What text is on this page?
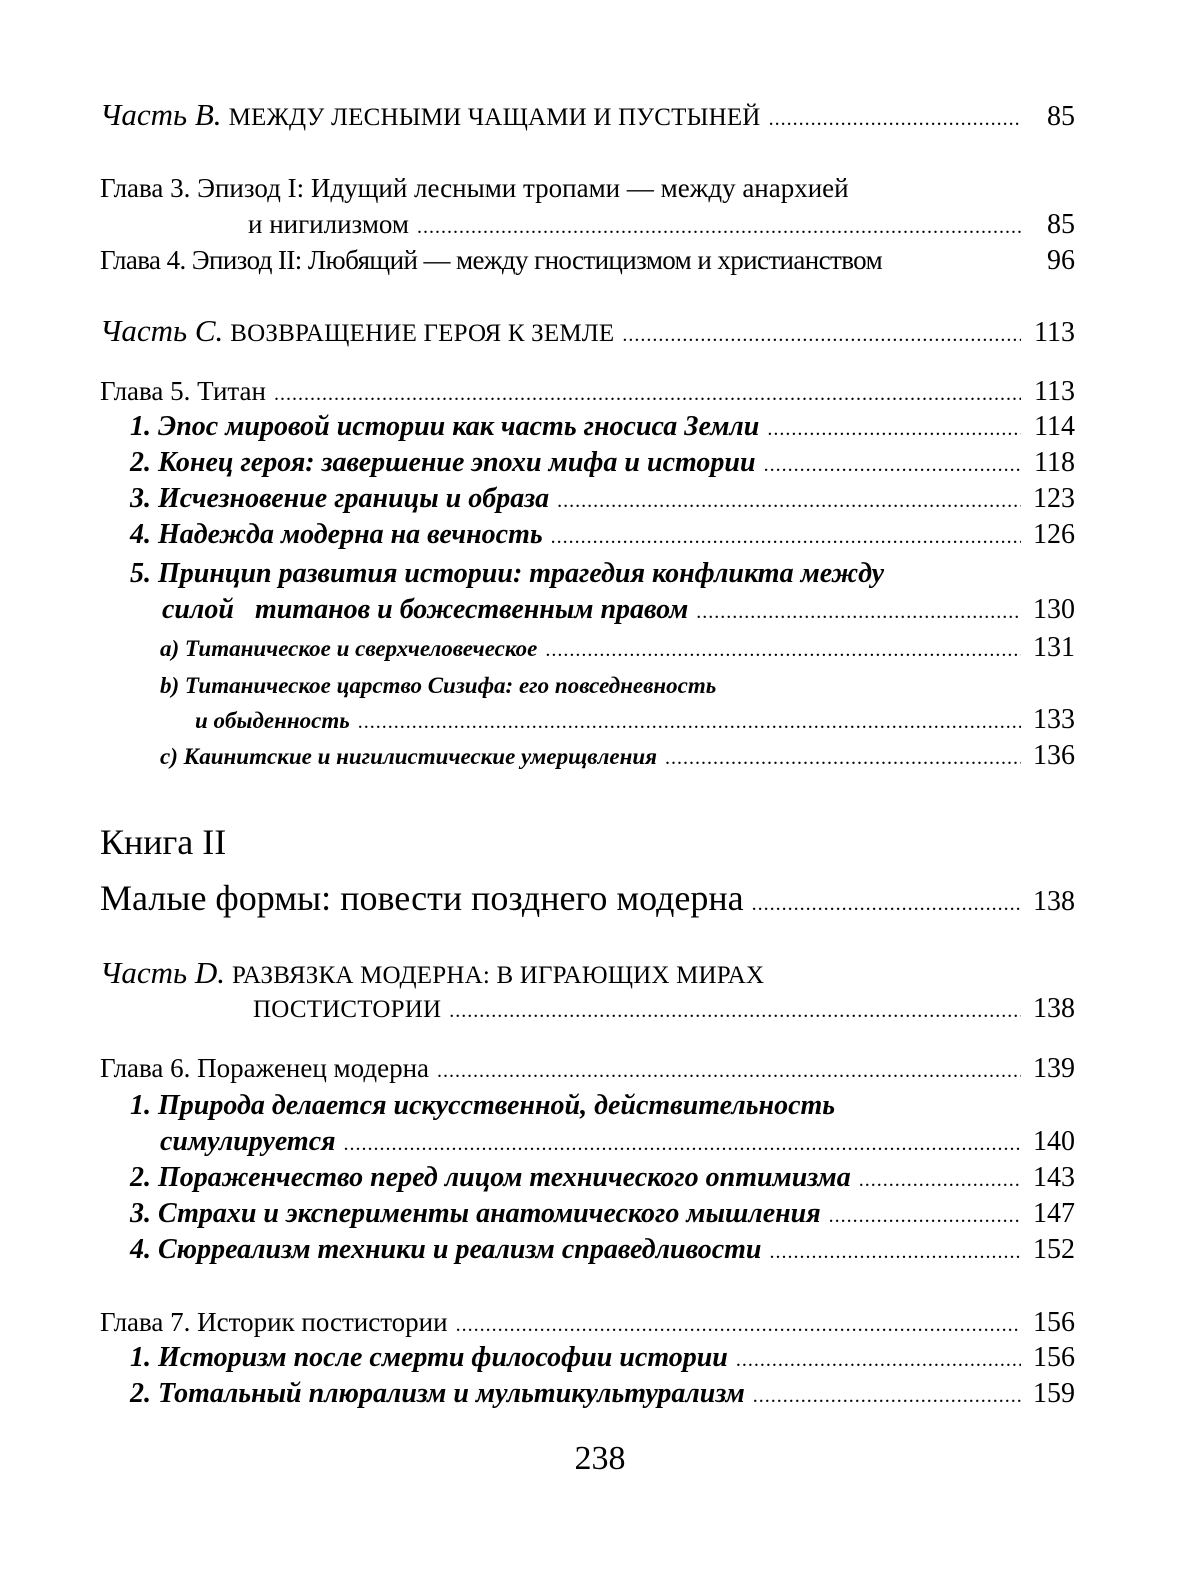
Часть B. МЕЖДУ ЛЕСНЫМИ ЧАЩАМИ И ПУСТЫНЕЙ .....	85
Глава 3. Эпизод I: Идущий лесными тропами — между анархией
и нигилизмом .....	85
Глава 4. Эпизод II: Любящий — между гностицизмом и христианством	96
Часть C. ВОЗВРАЩЕНИЕ ГЕРОЯ К ЗЕМЛЕ .....	113
Глава 5. Титан .....	113
1. Эпос мировой истории как часть гносиса Земли .....	114
2. Конец героя: завершение эпохи мифа и истории .....	118
3. Исчезновение границы и образа .....	123
4. Надежда модерна на вечность .....	126
5. Принцип развития истории: трагедия конфликта между
силой   титанов и божественным правом .....	130
a) Титаническое и сверхчеловеческое .....	131
b) Титаническое царство Сизифа: его повседневность
и обыденность .....	133
c) Каинитские и нигилистические умерщвления .....	136
Книга II
Малые формы: повести позднего модерна .....	138
Часть D. РАЗВЯЗКА МОДЕРНА: В ИГРАЮЩИХ МИРАХ
ПОСТИСТОРИИ .....	138
Глава 6. Пораженец модерна .....	139
1. Природа делается искусственной, действительность
симулируется .....	140
2. Пораженчество перед лицом технического оптимизма .....	143
3. Страхи и эксперименты анатомического мышления .....	147
4. Сюрреализм техники и реализм справедливости .....	152
Глава 7. Историк постистории .....	156
1. Историзм после смерти философии истории .....	156
2. Тотальный плюрализм и мультикультурализм .....	159
238
